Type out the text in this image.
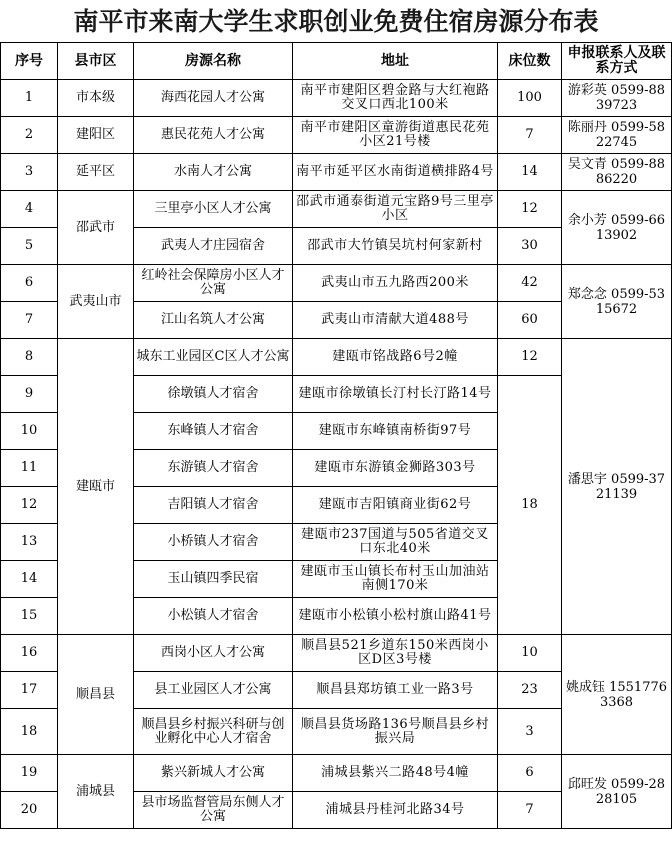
南平市来南大学生求职创业免费住宿房源分布表
序号	县市区	房源名称	地址	床位数	申报联系人及联系方式
1	市本级	海西花园人才公寓	南平市建阳区碧金路与大红袍路交叉口西北100米	100	游彩英 0599-8839723
2	建阳区	惠民花苑人才公寓	南平市建阳区童游街道惠民花苑小区21号楼	7	陈丽丹 0599-5822745
3	延平区	水南人才公寓	南平市延平区水南街道横排路4号	14	吴文青 0599-8886220
4	邵武市	三里亭小区人才公寓	邵武市通泰街道元宝路9号三里亭小区	12	余小芳 0599-6613902
5		武夷人才庄园宿舍	邵武市大竹镇吴坑村何家新村	30	
6	武夷山市	红岭社会保障房小区人才公寓	武夷山市五九路西200米	42	郑念念 0599-5315672
7		江山名筑人才公寓	武夷山市清献大道488号	60	
8	建瓯市	城东工业园区C区人才公寓	建瓯市铭战路6号2幢	12	潘思宇 0599-3721139
9		徐墩镇人才宿舍	建瓯市徐墩镇长汀村长汀路14号	18	
10		东峰镇人才宿舍	建瓯市东峰镇南桥街97号		
11		东游镇人才宿舍	建瓯市东游镇金狮路303号		
12		吉阳镇人才宿舍	建瓯市吉阳镇商业街62号		
13		小桥镇人才宿舍	建瓯市237国道与505省道交叉口东北40米		
14		玉山镇四季民宿	建瓯市玉山镇长布村玉山加油站南侧170米		
15		小松镇人才宿舍	建瓯市小松镇小松村旗山路41号		
16	顺昌县	西岗小区人才公寓	顺昌县521乡道东150米西岗小区D区3号楼	10	姚成钰 15517763368
17		县工业园区人才公寓	顺昌县郑坊镇工业一路3号	23	
18		顺昌县乡村振兴科研与创业孵化中心人才宿舍	顺昌县货场路136号顺昌县乡村振兴局	3	
19	浦城县	紫兴新城人才公寓	浦城县紫兴二路48号4幢	6	邱旺发 0599-2828105
20		县市场监督管局东侧人才公寓	浦城县丹桂河北路34号	7	
